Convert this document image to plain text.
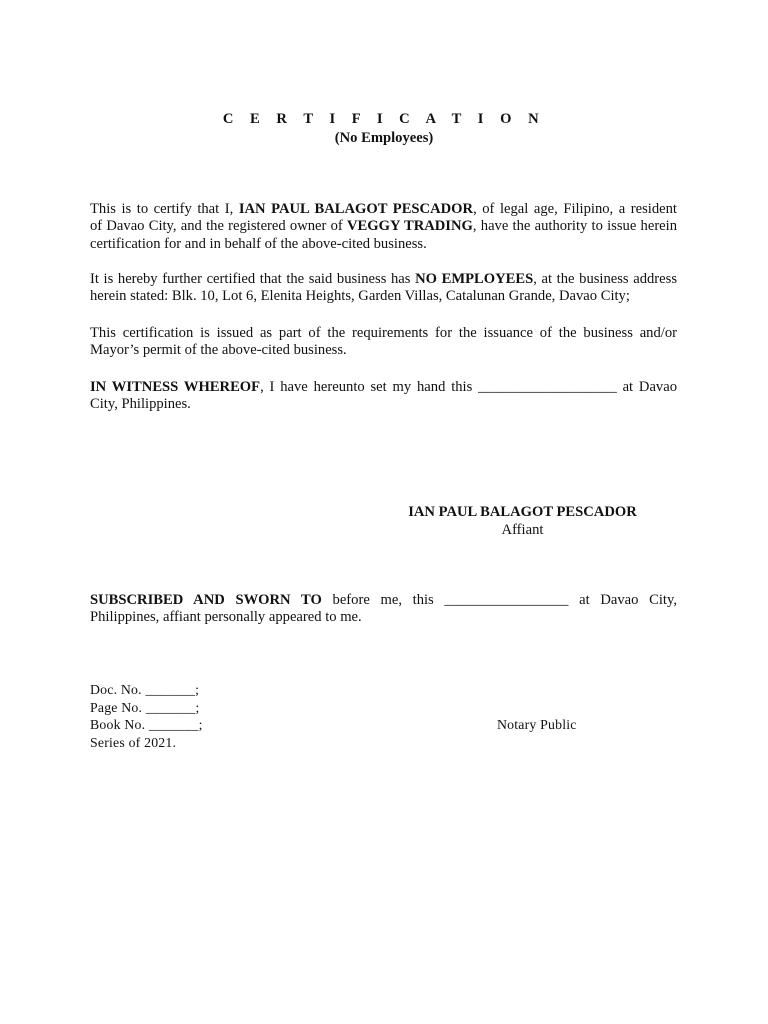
C E R T I F I C A T I O N
(No Employees)
This is to certify that I, IAN PAUL BALAGOT PESCADOR, of legal age, Filipino, a resident
of Davao City, and the registered owner of VEGGY TRADING, have the authority to issue herein
certification for and in behalf of the above-cited business.
It is hereby further certified that the said business has NO EMPLOYEES, at the business address
herein stated: Blk. 10, Lot 6, Elenita Heights, Garden Villas, Catalunan Grande, Davao City;
This certification is issued as part of the requirements for the issuance of the business and/or
Mayor’s permit of the above-cited business.
IN WITNESS WHEREOF, I have hereunto set my hand this ___________________ at Davao
City, Philippines.
IAN PAUL BALAGOT PESCADOR
Affiant
SUBSCRIBED AND SWORN TO before me, this _________________ at Davao City,
Philippines, affiant personally appeared to me.
Doc. No. _______;
Page No. _______;
Book No. _______;
Series of 2021.
Notary Public
